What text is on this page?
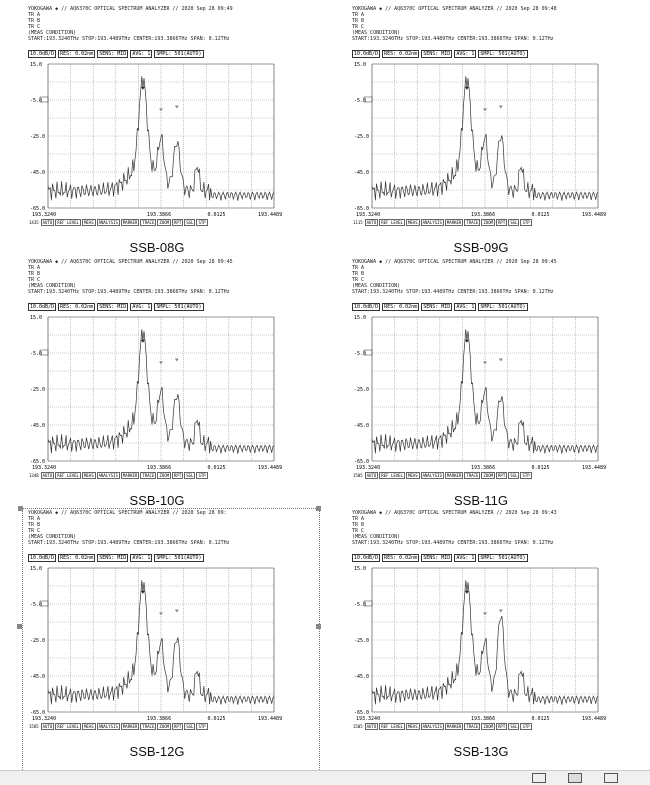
YOKOGAWA ◆ // AQ6370C OPTICAL SPECTRUM ANALYZER // 2020 Sep 28 09:49
TR A
TR B
TR C
(MEAS CONDITION)
START:193.3240THz STOP:193.4489THz CENTER:193.3866THz SPAN: 0.12THz
10.0dB/D RES: 0.02nm SENS: MID AVG: 1 SMPL: 501(AUTO)
15.0
-5.0
-25.0
-45.0
-65.0
193.3240	193.3866	0.0125	193.4489
1435 AUTO REF LEVEL MEAS ANALYSIS MARKER TRACE ZOOM RPT SGL STP
SSB-08G
YOKOGAWA ◆ // AQ6370C OPTICAL SPECTRUM ANALYZER // 2020 Sep 28 09:48
TR A
TR B
TR C
(MEAS CONDITION)
START:193.3240THz STOP:193.4489THz CENTER:193.3866THz SPAN: 0.12THz
10.0dB/D RES: 0.02nm SENS: MID AVG: 1 SMPL: 501(AUTO)
15.0
-5.0
-25.0
-45.0
-65.0
193.3240	193.3866	0.0125	193.4489
1115 AUTO REF LEVEL MEAS ANALYSIS MARKER TRACE ZOOM RPT SGL STP
SSB-09G
YOKOGAWA ◆ // AQ6370C OPTICAL SPECTRUM ANALYZER // 2020 Sep 28 09:45
TR A
TR B
TR C
(MEAS CONDITION)
START:193.3240THz STOP:193.4489THz CENTER:193.3866THz SPAN: 0.12THz
10.0dB/D RES: 0.02nm SENS: MID AVG: 1 SMPL: 501(AUTO)
15.0
-5.0
-25.0
-45.0
-65.0
193.3240	193.3866	0.0125	193.4489
1348 AUTO REF LEVEL MEAS ANALYSIS MARKER TRACE ZOOM RPT SGL STP
SSB-10G
YOKOGAWA ◆ // AQ6370C OPTICAL SPECTRUM ANALYZER // 2020 Sep 28 09:45
TR A
TR B
TR C
(MEAS CONDITION)
START:193.3240THz STOP:193.4489THz CENTER:193.3866THz SPAN: 0.12THz
10.0dB/D RES: 0.02nm SENS: MID AVG: 1 SMPL: 501(AUTO)
15.0
-5.0
-25.0
-45.0
-65.0
193.3240	193.3866	0.0125	193.4489
1505 AUTO REF LEVEL MEAS ANALYSIS MARKER TRACE ZOOM RPT SGL STP
SSB-11G
YOKOGAWA ◆ // AQ6370C OPTICAL SPECTRUM ANALYZER // 2020 Sep 28 09:
TR A
TR B
TR C
(MEAS CONDITION)
START:193.3240THz STOP:193.4489THz CENTER:193.3866THz SPAN: 0.12THz
10.0dB/D RES: 0.02nm SENS: MID AVG: 1 SMPL: 501(AUTO)
15.0
-5.0
-25.0
-45.0
-65.0
193.3240	193.3866	0.0125	193.4489
1585 AUTO REF LEVEL MEAS ANALYSIS MARKER TRACE ZOOM RPT SGL STP
SSB-12G
YOKOGAWA ◆ // AQ6370C OPTICAL SPECTRUM ANALYZER // 2020 Sep 28 09:43
TR A
TR B
TR C
(MEAS CONDITION)
START:193.3240THz STOP:193.4489THz CENTER:193.3866THz SPAN: 0.12THz
10.0dB/D RES: 0.02nm SENS: MID AVG: 1 SMPL: 501(AUTO)
15.0
-5.0
-25.0
-45.0
-65.0
193.3240	193.3866	0.0125	193.4489
1505 AUTO REF LEVEL MEAS ANALYSIS MARKER TRACE ZOOM RPT SGL STP
SSB-13G
